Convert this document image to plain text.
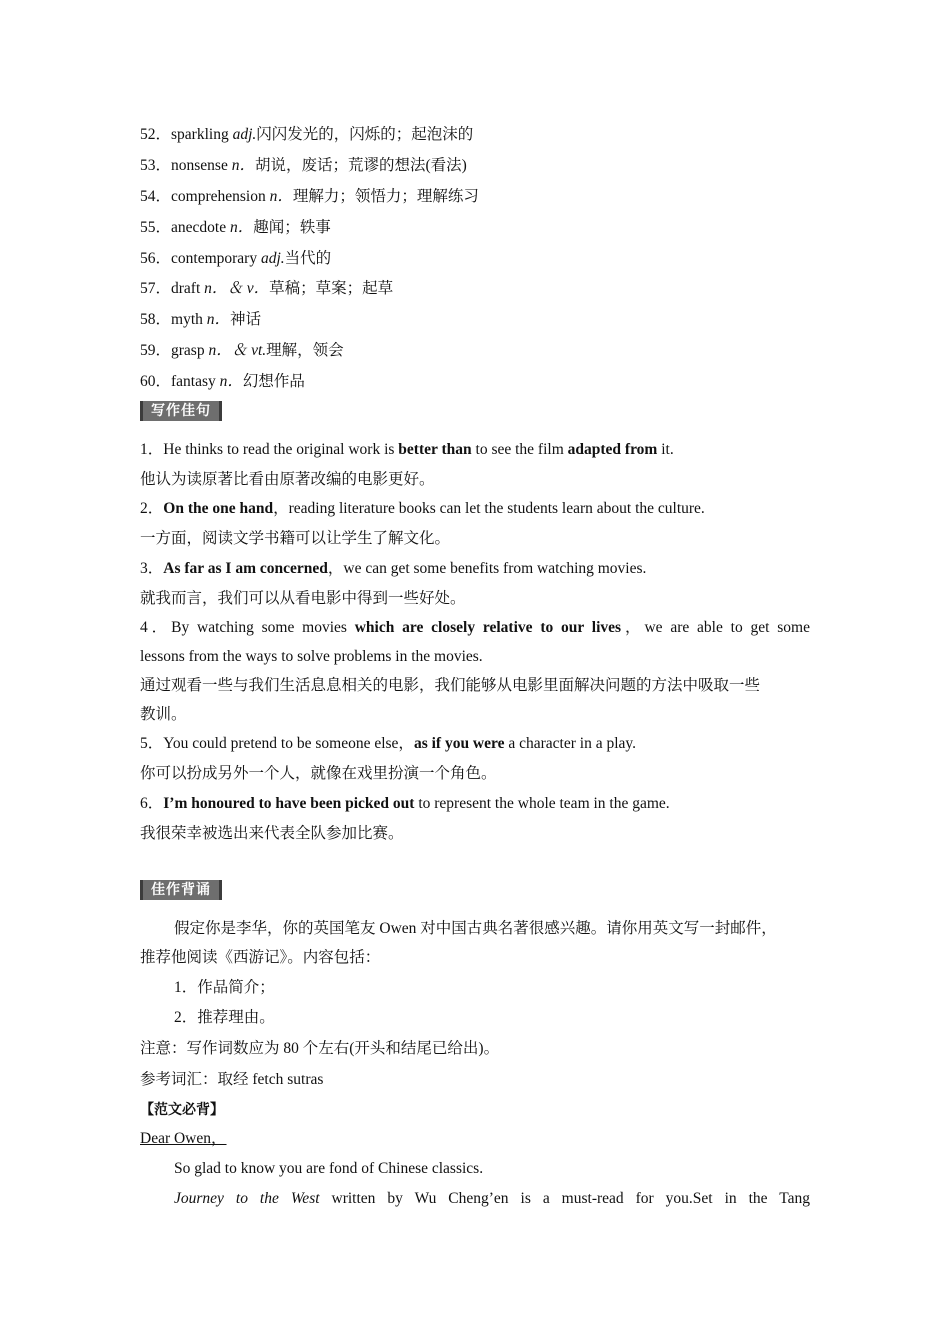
52．sparkling adj.闪闪发光的，闪烁的；起泡沫的
53．nonsense n．胡说，废话；荒谬的想法(看法)
54．comprehension n．理解力；领悟力；理解练习
55．anecdote n．趣闻；轶事
56．contemporary adj.当代的
57．draft n．＆ v．草稿；草案；起草
58．myth n．神话
59．grasp n．＆ vt.理解，领会
60．fantasy n．幻想作品
写作佳句
1．He thinks to read the original work is better than to see the film adapted from it.
他认为读原著比看由原著改编的电影更好。
2．On the one hand，reading literature books can let the students learn about the culture.
一方面，阅读文学书籍可以让学生了解文化。
3．As far as I am concerned，we can get some benefits from watching movies.
就我而言，我们可以从看电影中得到一些好处。
4．By watching some movies which are closely relative to our lives，we are able to get some
lessons from the ways to solve problems in the movies.
通过观看一些与我们生活息息相关的电影，我们能够从电影里面解决问题的方法中吸取一些
教训。
5．You could pretend to be someone else，as if you were a character in a play.
你可以扮成另外一个人，就像在戏里扮演一个角色。
6．I’m honoured to have been picked out to represent the whole team in the game.
我很荣幸被选出来代表全队参加比赛。
佳作背诵
假定你是李华，你的英国笔友 Owen 对中国古典名著很感兴趣。请你用英文写一封邮件，
推荐他阅读《西游记》。内容包括：
1．作品简介；
2．推荐理由。
注意：写作词数应为 80 个左右(开头和结尾已给出)。
参考词汇：取经 fetch sutras
【范文必背】
Dear Owen，
So glad to know you are fond of Chinese classics.
Journey to the West written by Wu Cheng’en is a must-read for you.Set in the Tang
